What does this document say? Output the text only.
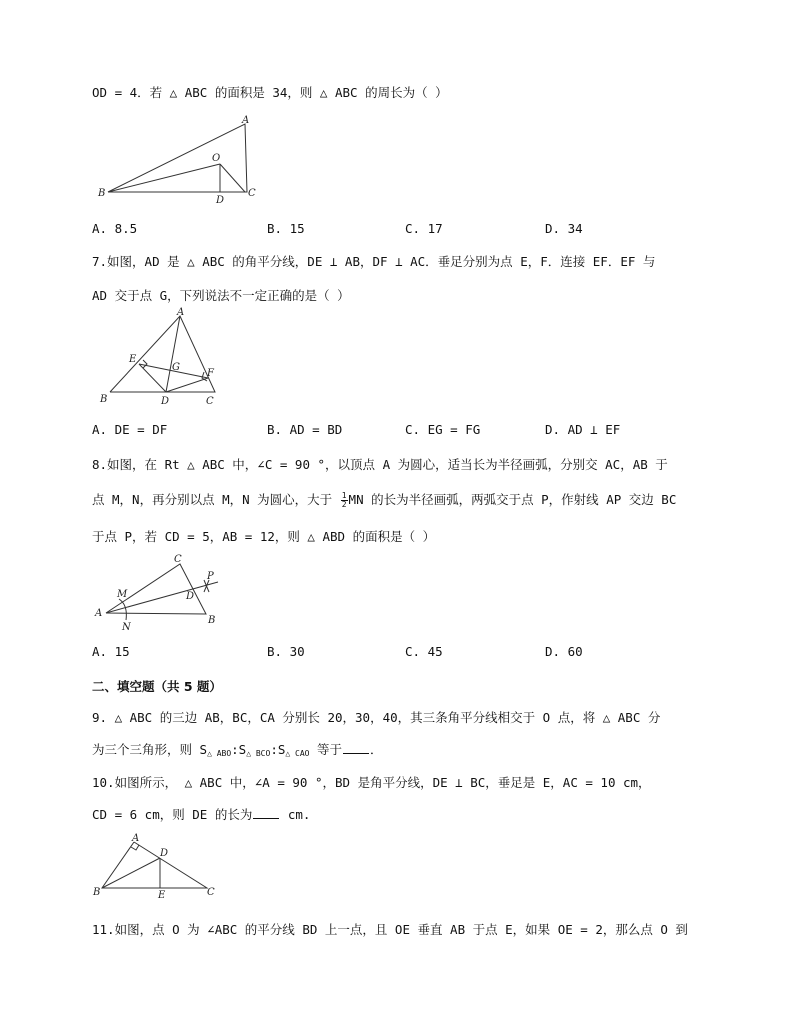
OD = 4．若 △ ABC 的面积是 34，则 △ ABC 的周长为（ ）
A
B	C
D
O
A. 8.5	B. 15	C. 17	D. 34
7.如图，AD 是 △ ABC 的角平分线，DE ⊥ AB，DF ⊥ AC．垂足分别为点 E，F．连接 EF．EF 与
AD 交于点 G，下列说法不一定正确的是（ ）
A
B	C
D
E
F
G
A. DE = DF	B. AD = BD	C. EG = FG	D. AD ⊥ EF
8.如图，在 Rt △ ABC 中，∠C = 90 °，以顶点 A 为圆心，适当长为半径画弧，分别交 AC，AB 于
点 M，N，再分别以点 M，N 为圆心，大于 $\frac{1}{2}$ MN 的长为半径画弧，两弧交于点 P，作射线 AP 交边 BC
于点 P，若 CD = 5，AB = 12，则 △ ABD 的面积是（ ）
A
B
C
D
M
N
P
A. 15	B. 30	C. 45	D. 60
二、填空题（共 5 题）
9. △ ABC 的三边 AB，BC，CA 分别长 20，30，40，其三条角平分线相交于 O 点，将 △ ABC 分
为三个三角形，则 $S_{\triangle ABO}:S_{\triangle BCO}:S_{\triangle CAO}$ 等于 ．
10.如图所示， △ ABC 中，∠A = 90 °，BD 是角平分线，DE ⊥ BC，垂足是 E，AC = 10 cm，
CD = 6 cm，则 DE 的长为 cm.
A
B	C
D
E
11.如图，点 O 为 ∠ABC 的平分线 BD 上一点，且 OE 垂直 AB 于点 E，如果 OE = 2，那么点 O 到
